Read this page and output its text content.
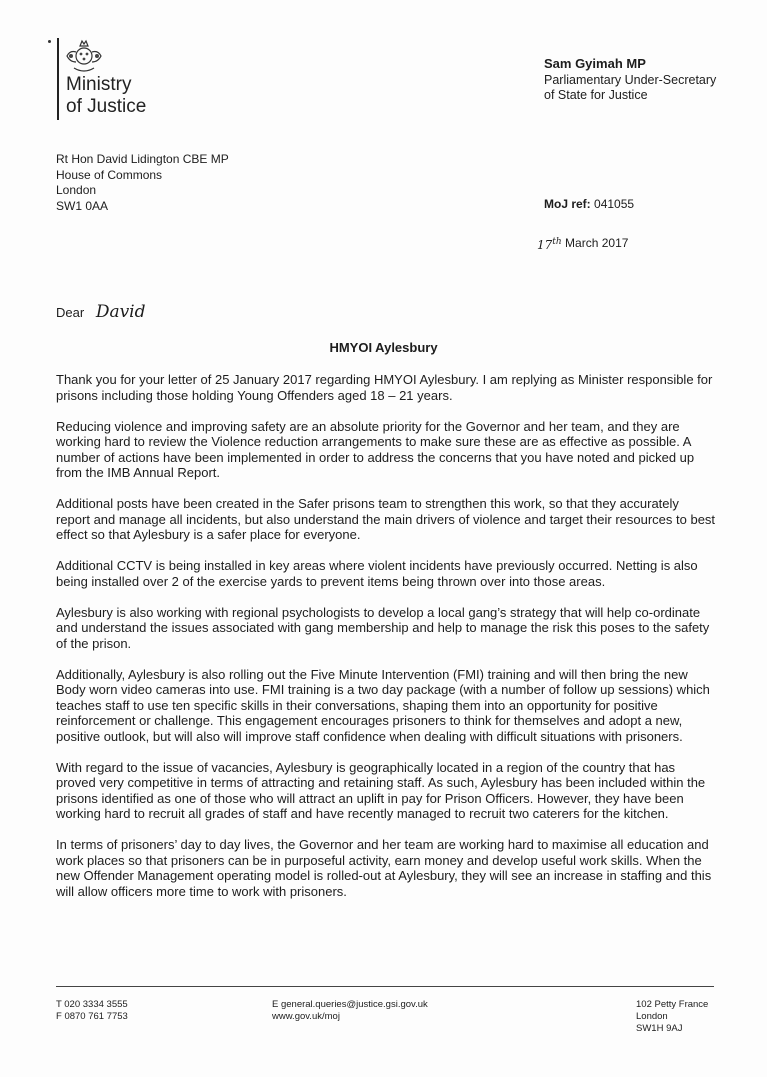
Ministry
of Justice
Sam Gyimah MP
Parliamentary Under-Secretary
of State for Justice
Rt Hon David Lidington CBE MP
House of Commons
London
SW1 0AA	MoJ ref: 041055
17th March 2017
Dear David
HMYOI Aylesbury

Thank you for your letter of 25 January 2017 regarding HMYOI Aylesbury. I am replying as Minister responsible for prisons including those holding Young Offenders aged 18 – 21 years.

Reducing violence and improving safety are an absolute priority for the Governor and her team, and they are working hard to review the Violence reduction arrangements to make sure these are as effective as possible. A number of actions have been implemented in order to address the concerns that you have noted and picked up from the IMB Annual Report.

Additional posts have been created in the Safer prisons team to strengthen this work, so that they accurately report and manage all incidents, but also understand the main drivers of violence and target their resources to best effect so that Aylesbury is a safer place for everyone.

Additional CCTV is being installed in key areas where violent incidents have previously occurred. Netting is also being installed over 2 of the exercise yards to prevent items being thrown over into those areas.

Aylesbury is also working with regional psychologists to develop a local gang’s strategy that will help co-ordinate and understand the issues associated with gang membership and help to manage the risk this poses to the safety of the prison.

Additionally, Aylesbury is also rolling out the Five Minute Intervention (FMI) training and will then bring the new Body worn video cameras into use. FMI training is a two day package (with a number of follow up sessions) which teaches staff to use ten specific skills in their conversations, shaping them into an opportunity for positive reinforcement or challenge. This engagement encourages prisoners to think for themselves and adopt a new, positive outlook, but will also will improve staff confidence when dealing with difficult situations with prisoners.

With regard to the issue of vacancies, Aylesbury is geographically located in a region of the country that has proved very competitive in terms of attracting and retaining staff. As such, Aylesbury has been included within the prisons identified as one of those who will attract an uplift in pay for Prison Officers. However, they have been working hard to recruit all grades of staff and have recently managed to recruit two caterers for the kitchen.

In terms of prisoners’ day to day lives, the Governor and her team are working hard to maximise all education and work places so that prisoners can be in purposeful activity, earn money and develop useful work skills. When the new Offender Management operating model is rolled-out at Aylesbury, they will see an increase in staffing and this will allow officers more time to work with prisoners.

T 020 3334 3555
F 0870 761 7753
E general.queries@justice.gsi.gov.uk
www.gov.uk/moj
102 Petty France
London
SW1H 9AJ
